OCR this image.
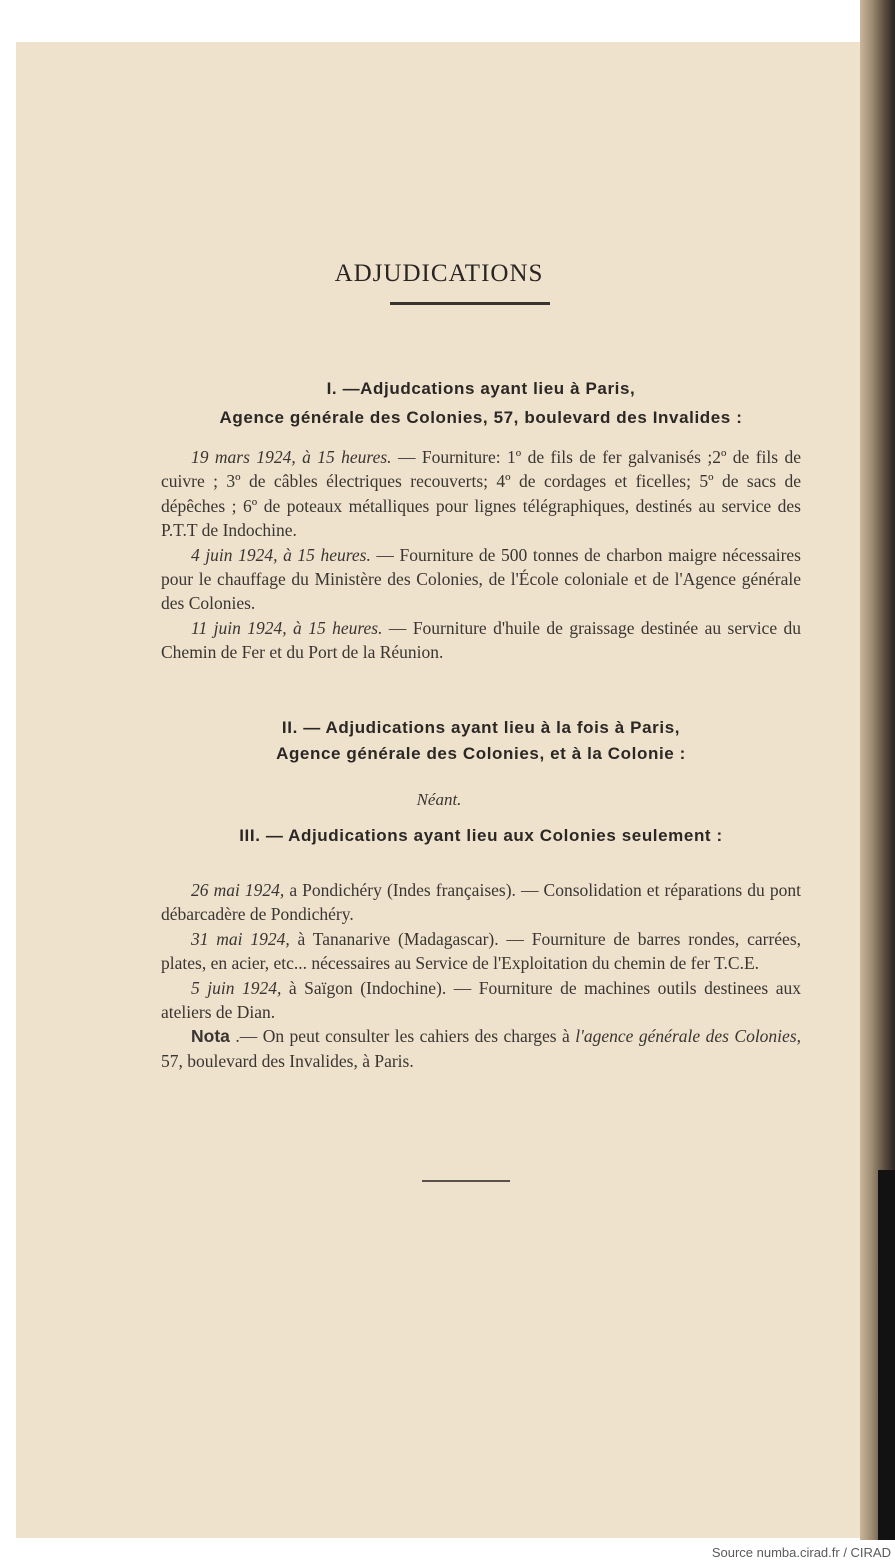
ADJUDICATIONS
I. —Adjudcations ayant lieu à Paris,
Agence générale des Colonies, 57, boulevard des Invalides :

19 mars 1924, à 15 heures. — Fourniture: 1º de fils de fer galvanisés ;2º de fils de cuivre ; 3º de câbles électriques recouverts; 4º de cordages et ficelles; 5º de sacs de dépêches ; 6º de poteaux métalliques pour lignes télégraphiques, destinés au service des P.T.T de Indochine.

4 juin 1924, à 15 heures. — Fourniture de 500 tonnes de charbon maigre nécessaires pour le chauffage du Ministère des Colonies, de l'École coloniale et de l'Agence générale des Colonies.

11 juin 1924, à 15 heures. — Fourniture d'huile de graissage destinée au service du Chemin de Fer et du Port de la Réunion.

II. — Adjudications ayant lieu à la fois à Paris,
Agence générale des Colonies, et à la Colonie :
Néant.
III. — Adjudications ayant lieu aux Colonies seulement :

26 mai 1924, a Pondichéry (Indes françaises). — Consolidation et réparations du pont débarcadère de Pondichéry.

31 mai 1924, à Tananarive (Madagascar). — Fourniture de barres rondes, carrées, plates, en acier, etc... nécessaires au Service de l'Exploitation du chemin de fer T.C.E.

5 juin 1924, à Saïgon (Indochine). — Fourniture de machines outils destinees aux ateliers de Dian.

Nota .— On peut consulter les cahiers des charges à l'agence générale des Colonies, 57, boulevard des Invalides, à Paris.

Source numba.cirad.fr / CIRAD
